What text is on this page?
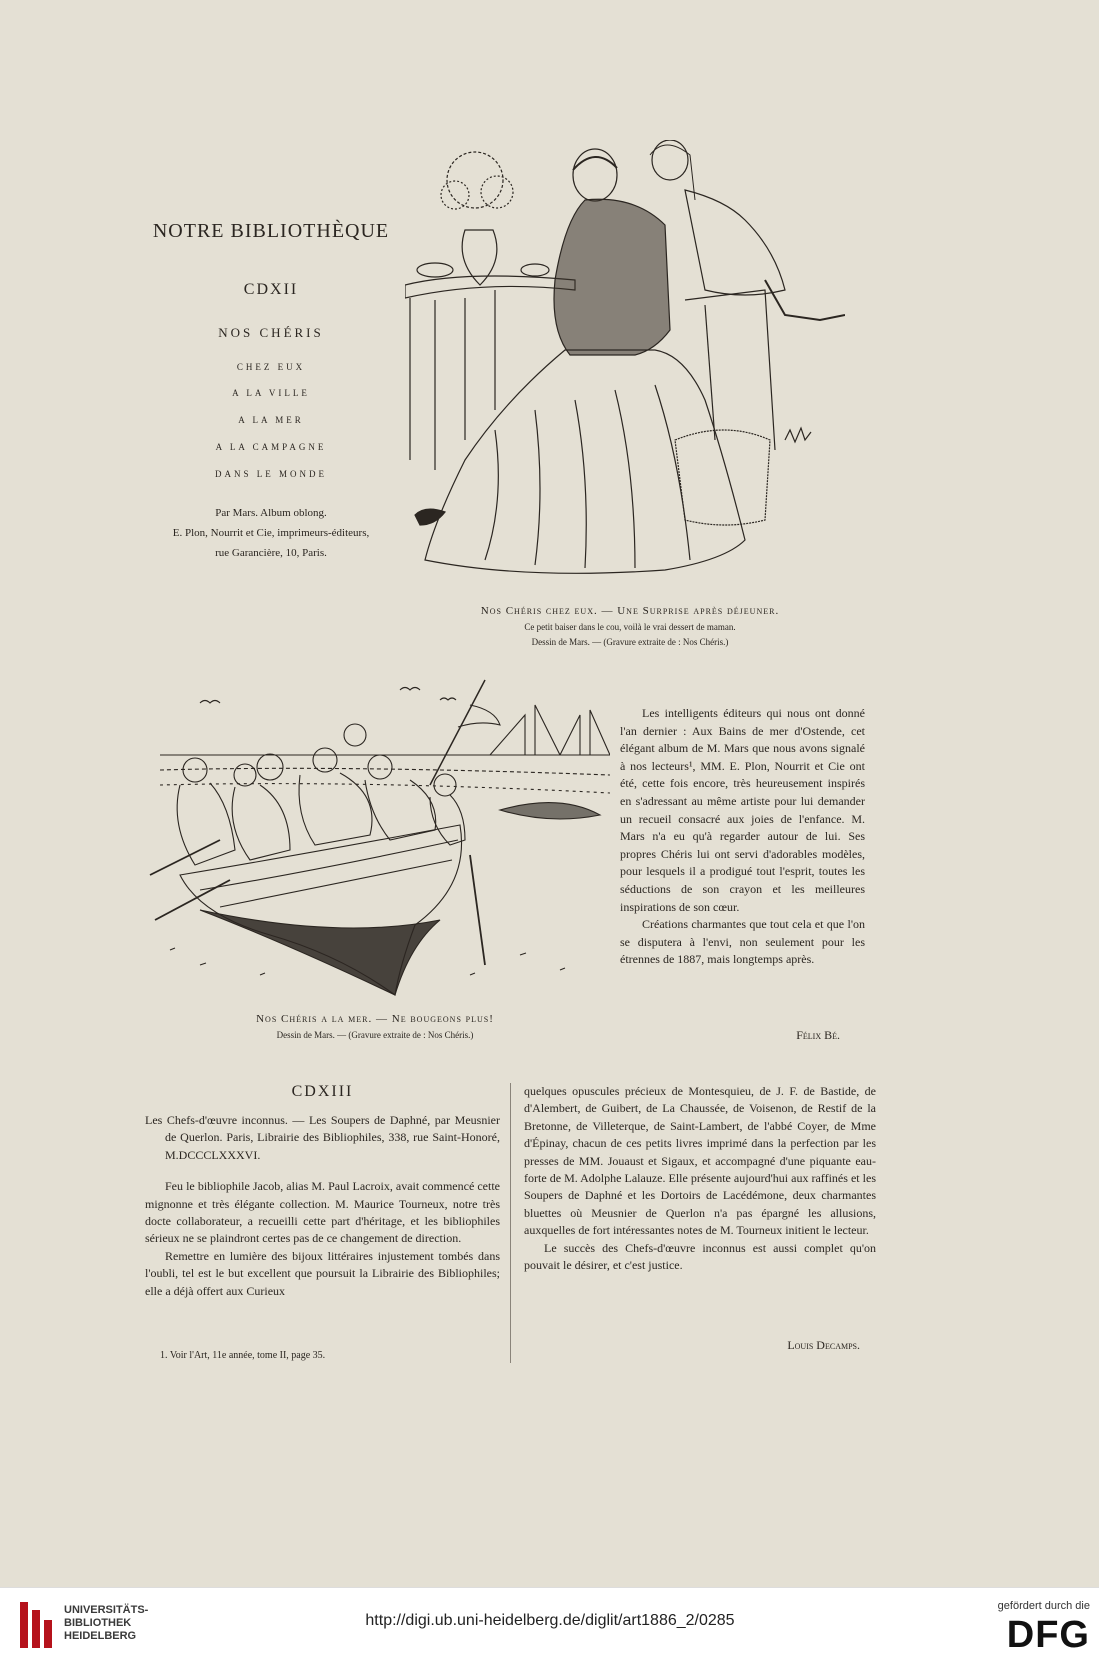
NOTRE BIBLIOTHÈQUE
CDXII
NOS CHÉRIS
CHEZ EUX
A LA VILLE
A LA MER
A LA CAMPAGNE
DANS LE MONDE
Par Mars. Album oblong.
E. Plon, Nourrit et Cie, imprimeurs-éditeurs,
rue Garancière, 10, Paris.
Nos Chéris chez eux. — Une Surprise après déjeuner.
Ce petit baiser dans le cou, voilà le vrai dessert de maman.
Dessin de Mars. — (Gravure extraite de : Nos Chéris.)
Nos Chéris a la mer. — Ne bougeons plus!
Dessin de Mars. — (Gravure extraite de : Nos Chéris.)

Les intelligents éditeurs qui nous ont donné l'an dernier : Aux Bains de mer d'Ostende, cet élégant album de M. Mars que nous avons signalé à nos lecteurs¹, MM. E. Plon, Nourrit et Cie ont été, cette fois encore, très heureusement inspirés en s'adressant au même artiste pour lui demander un recueil consacré aux joies de l'enfance. M. Mars n'a eu qu'à regarder autour de lui. Ses propres Chéris lui ont servi d'adorables modèles, pour lesquels il a prodigué tout l'esprit, toutes les séductions de son crayon et les meilleures inspirations de son cœur.

Créations charmantes que tout cela et que l'on se disputera à l'envi, non seulement pour les étrennes de 1887, mais longtemps après.

Félix Bé.
CDXIII

Les Chefs-d'œuvre inconnus. — Les Soupers de Daphné, par Meusnier de Querlon. Paris, Librairie des Bibliophiles, 338, rue Saint-Honoré, M.DCCCLXXXVI.

Feu le bibliophile Jacob, alias M. Paul Lacroix, avait commencé cette mignonne et très élégante collection. M. Maurice Tourneux, notre très docte collaborateur, a recueilli cette part d'héritage, et les bibliophiles sérieux ne se plaindront certes pas de ce changement de direction.

Remettre en lumière des bijoux littéraires injustement tombés dans l'oubli, tel est le but excellent que poursuit la Librairie des Bibliophiles; elle a déjà offert aux Curieux

1. Voir l'Art, 11e année, tome II, page 35.

quelques opuscules précieux de Montesquieu, de J. F. de Bastide, de d'Alembert, de Guibert, de La Chaussée, de Voisenon, de Restif de la Bretonne, de Villeterque, de Saint-Lambert, de l'abbé Coyer, de Mme d'Épinay, chacun de ces petits livres imprimé dans la perfection par les presses de MM. Jouaust et Sigaux, et accompagné d'une piquante eau-forte de M. Adolphe Lalauze. Elle présente aujourd'hui aux raffinés et les Soupers de Daphné et les Dortoirs de Lacédémone, deux charmantes bluettes où Meusnier de Querlon n'a pas épargné les allusions, auxquelles de fort intéressantes notes de M. Tourneux initient le lecteur.

Le succès des Chefs-d'œuvre inconnus est aussi complet qu'on pouvait le désirer, et c'est justice.

Louis Decamps.
UNIVERSITÄTS-
BIBLIOTHEK
HEIDELBERG
http://digi.ub.uni-heidelberg.de/diglit/art1886_2/0285
gefördert durch die
DFG
